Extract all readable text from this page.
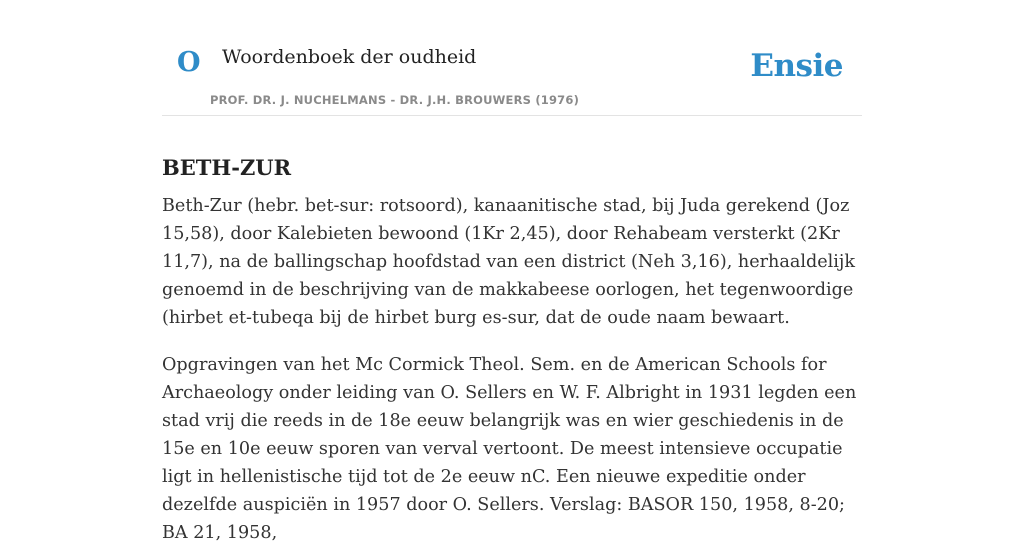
O Woordenboek der oudheid
PROF. DR. J. NUCHELMANS - DR. J.H. BROUWERS (1976)
Ensie
BETH-ZUR

Beth-Zur (hebr. bet-sur: rotsoord), kanaanitische stad, bij Juda gerekend (Joz 15,58), door Kalebieten bewoond (1Kr 2,45), door Rehabeam versterkt (2Kr 11,7), na de ballingschap hoofdstad van een district (Neh 3,16), herhaaldelijk genoemd in de beschrijving van de makkabeese oorlogen, het tegenwoordige (hirbet et-tubeqa bij de hirbet burg es-sur, dat de oude naam bewaart.

Opgravingen van het Mc Cormick Theol. Sem. en de American Schools for Archaeology onder leiding van O. Sellers en W. F. Albright in 1931 legden een stad vrij die reeds in de 18e eeuw belangrijk was en wier geschiedenis in de 15e en 10e eeuw sporen van verval vertoont. De meest intensieve occupatie ligt in hellenistische tijd tot de 2e eeuw nC. Een nieuwe expeditie onder dezelfde auspiciën in 1957 door O. Sellers. Verslag: BASOR 150, 1958, 8-20; BA 21, 1958,
